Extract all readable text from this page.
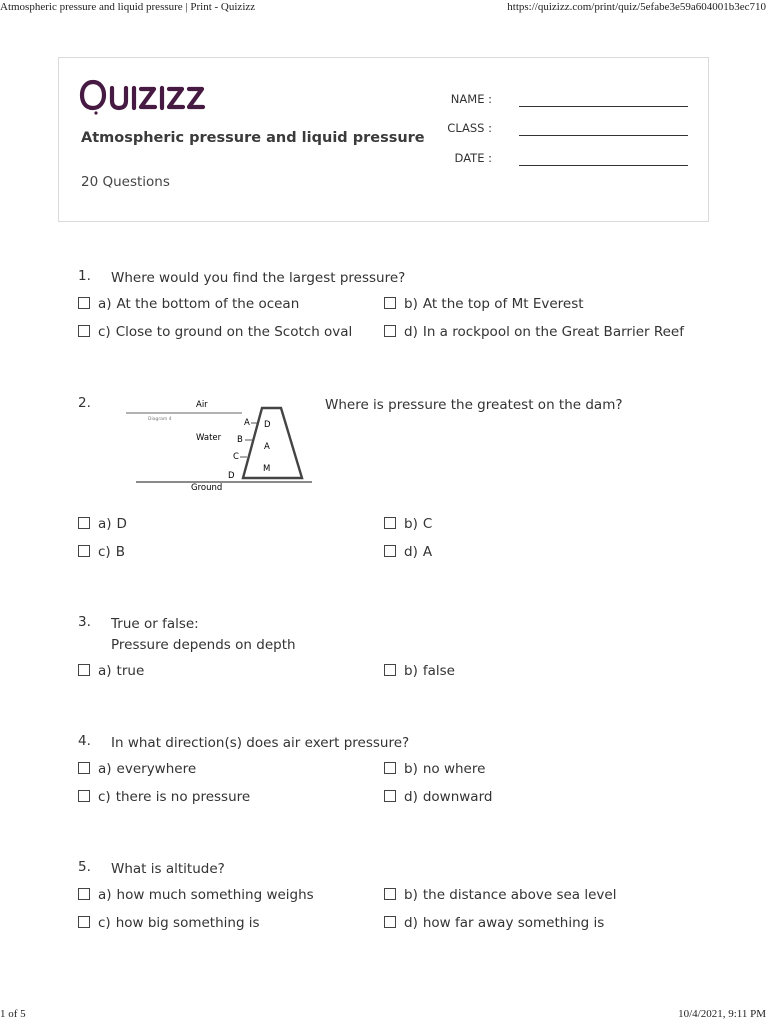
Atmospheric pressure and liquid pressure | Print - Quizizz	https://quizizz.com/print/quiz/5efabe3e59a604001b3ec710
Atmospheric pressure and liquid pressure
20 Questions
NAME :
CLASS :
DATE :
1. Where would you find the largest pressure?
a) At the bottom of the ocean	b) At the top of Mt Everest
c) Close to ground on the Scotch oval	d) In a rockpool on the Great Barrier Reef
2.	Air
Diagram 4
Water
A
B
C
D
D
A
M
Ground
Where is pressure the greatest on the dam?
a) D	b) C
c) B	d) A
3. True or false:
Pressure depends on depth
a) true	b) false
4. In what direction(s) does air exert pressure?
a) everywhere	b) no where
c) there is no pressure	d) downward
5. What is altitude?
a) how much something weighs	b) the distance above sea level
c) how big something is	d) how far away something is
1 of 5	10/4/2021, 9:11 PM
